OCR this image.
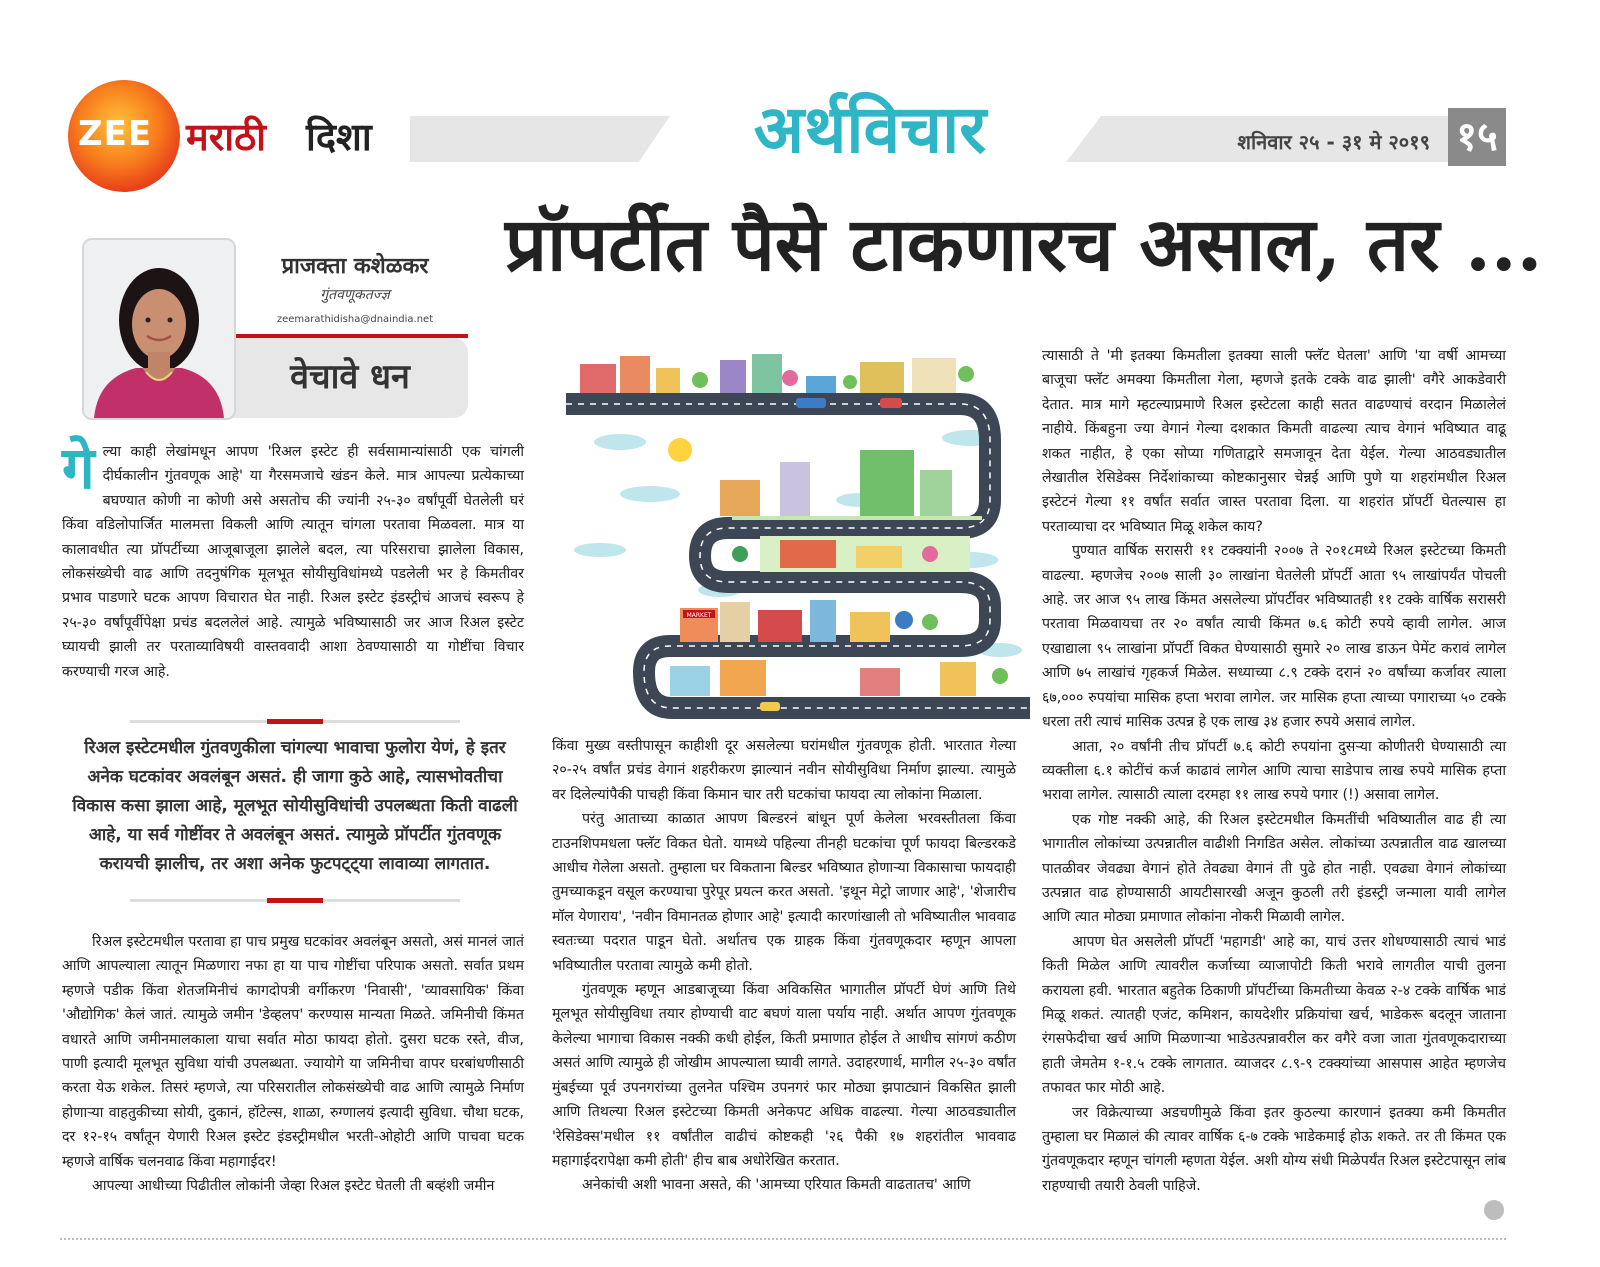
ZEE मराठी दिशा	अर्थविचार	शनिवार २५ - ३१ मे २०१९ १५
प्रॉपर्टीत पैसे टाकणारच असाल, तर ...
प्राजक्ता कशेळकर
गुंतवणूकतज्ज्ञ
zeemarathidisha@dnaindia.net
वेचावे धन
गे ल्या काही लेखांमधून आपण 'रिअल इस्टेट ही सर्वसामान्यांसाठी एक चांगली दीर्घकालीन गुंतवणूक आहे' या गैरसमजाचे खंडन केले. मात्र आपल्या प्रत्येकाच्या बघण्यात कोणी ना कोणी असे असतोच की ज्यांनी २५-३० वर्षांपूर्वी घेतलेली घरं किंवा वडिलोपार्जित मालमत्ता विकली आणि त्यातून चांगला परतावा मिळवला. मात्र या कालावधीत त्या प्रॉपर्टीच्या आजूबाजूला झालेले बदल, त्या परिसराचा झालेला विकास, लोकसंख्येची वाढ आणि तदनुषंगिक मूलभूत सोयीसुविधांमध्ये पडलेली भर हे किमतीवर प्रभाव पाडणारे घटक आपण विचारात घेत नाही. रिअल इस्टेट इंडस्ट्रीचं आजचं स्वरूप हे २५-३० वर्षांपूर्वीपेक्षा प्रचंड बदललेलं आहे. त्यामुळे भविष्यासाठी जर आज रिअल इस्टेट घ्यायची झाली तर परताव्याविषयी वास्तववादी आशा ठेवण्यासाठी या गोष्टींचा विचार करण्याची गरज आहे.

रिअल इस्टेटमधील गुंतवणुकीला चांगल्या भावाचा फुलोरा येणं, हे इतर अनेक घटकांवर अवलंबून असतं. ही जागा कुठे आहे, त्यासभोवतीचा विकास कसा झाला आहे, मूलभूत सोयीसुविधांची उपलब्धता किती वाढली आहे, या सर्व गोष्टींवर ते अवलंबून असतं. त्यामुळे प्रॉपर्टीत गुंतवणूक करायची झालीच, तर अशा अनेक फुटपट्ट्या लावाव्या लागतात.

रिअल इस्टेटमधील परतावा हा पाच प्रमुख घटकांवर अवलंबून असतो, असं मानलं जातं आणि आपल्याला त्यातून मिळणारा नफा हा या पाच गोष्टींचा परिपाक असतो. सर्वात प्रथम म्हणजे पडीक किंवा शेतजमिनीचं कागदोपत्री वर्गीकरण 'निवासी', 'व्यावसायिक' किंवा 'औद्योगिक' केलं जातं. त्यामुळे जमीन 'डेव्हलप' करण्यास मान्यता मिळते. जमिनीची किंमत वधारते आणि जमीनमालकाला याचा सर्वात मोठा फायदा होतो. दुसरा घटक रस्ते, वीज, पाणी इत्यादी मूलभूत सुविधा यांची उपलब्धता. ज्यायोगे या जमिनीचा वापर घरबांधणीसाठी करता येऊ शकेल. तिसरं म्हणजे, त्या परिसरातील लोकसंख्येची वाढ आणि त्यामुळे निर्माण होणाऱ्या वाहतुकीच्या सोयी, दुकानं, हॉटेल्स, शाळा, रुग्णालयं इत्यादी सुविधा. चौथा घटक, दर १२-१५ वर्षांतून येणारी रिअल इस्टेट इंडस्ट्रीमधील भरती-ओहोटी आणि पाचवा घटक म्हणजे वार्षिक चलनवाढ किंवा महागाईदर!

आपल्या आधीच्या पिढीतील लोकांनी जेव्हा रिअल इस्टेट घेतली ती बव्हंशी जमीन

MARKET

किंवा मुख्य वस्तीपासून काहीशी दूर असलेल्या घरांमधील गुंतवणूक होती. भारतात गेल्या २०-२५ वर्षांत प्रचंड वेगानं शहरीकरण झाल्यानं नवीन सोयीसुविधा निर्माण झाल्या. त्यामुळे वर दिलेल्यांपैकी पाचही किंवा किमान चार तरी घटकांचा फायदा त्या लोकांना मिळाला.

परंतु आताच्या काळात आपण बिल्डरनं बांधून पूर्ण केलेला भरवस्तीतला किंवा टाउनशिपमधला फ्लॅट विकत घेतो. यामध्ये पहिल्या तीनही घटकांचा पूर्ण फायदा बिल्डरकडे आधीच गेलेला असतो. तुम्हाला घर विकताना बिल्डर भविष्यात होणाऱ्या विकासाचा फायदाही तुमच्याकडून वसूल करण्याचा पुरेपूर प्रयत्न करत असतो. 'इथून मेट्रो जाणार आहे', 'शेजारीच मॉल येणाराय', 'नवीन विमानतळ होणार आहे' इत्यादी कारणांखाली तो भविष्यातील भाववाढ स्वतःच्या पदरात पाडून घेतो. अर्थातच एक ग्राहक किंवा गुंतवणूकदार म्हणून आपला भविष्यातील परतावा त्यामुळे कमी होतो.

गुंतवणूक म्हणून आडबाजूच्या किंवा अविकसित भागातील प्रॉपर्टी घेणं आणि तिथे मूलभूत सोयीसुविधा तयार होण्याची वाट बघणं याला पर्याय नाही. अर्थात आपण गुंतवणूक केलेल्या भागाचा विकास नक्की कधी होईल, किती प्रमाणात होईल ते आधीच सांगणं कठीण असतं आणि त्यामुळे ही जोखीम आपल्याला घ्यावी लागते. उदाहरणार्थ, मागील २५-३० वर्षांत मुंबईच्या पूर्व उपनगरांच्या तुलनेत पश्चिम उपनगरं फार मोठ्या झपाट्यानं विकसित झाली आणि तिथल्या रिअल इस्टेटच्या किमती अनेकपट अधिक वाढल्या. गेल्या आठवड्यातील 'रेसिडेक्स'मधील ११ वर्षांतील वाढीचं कोष्टकही '२६ पैकी १७ शहरांतील भाववाढ महागाईदरापेक्षा कमी होती' हीच बाब अधोरेखित करतात.

अनेकांची अशी भावना असते, की 'आमच्या एरियात किमती वाढतातच' आणि

त्यासाठी ते 'मी इतक्या किमतीला इतक्या साली फ्लॅट घेतला' आणि 'या वर्षी आमच्या बाजूचा फ्लॅट अमक्या किमतीला गेला, म्हणजे इतके टक्के वाढ झाली' वगैरे आकडेवारी देतात. मात्र मागे म्हटल्याप्रमाणे रिअल इस्टेटला काही सतत वाढण्याचं वरदान मिळालेलं नाहीये. किंबहुना ज्या वेगानं गेल्या दशकात किमती वाढल्या त्याच वेगानं भविष्यात वाढू शकत नाहीत, हे एका सोप्या गणिताद्वारे समजावून देता येईल. गेल्या आठवड्यातील लेखातील रेसिडेक्स निर्देशांकाच्या कोष्टकानुसार चेन्नई आणि पुणे या शहरांमधील रिअल इस्टेटनं गेल्या ११ वर्षांत सर्वात जास्त परतावा दिला. या शहरांत प्रॉपर्टी घेतल्यास हा परताव्याचा दर भविष्यात मिळू शकेल काय?

पुण्यात वार्षिक सरासरी ११ टक्क्यांनी २००७ ते २०१८मध्ये रिअल इस्टेटच्या किमती वाढल्या. म्हणजेच २००७ साली ३० लाखांना घेतलेली प्रॉपर्टी आता ९५ लाखांपर्यंत पोचली आहे. जर आज ९५ लाख किंमत असलेल्या प्रॉपर्टीवर भविष्यातही ११ टक्के वार्षिक सरासरी परतावा मिळवायचा तर २० वर्षांत त्याची किंमत ७.६ कोटी रुपये व्हावी लागेल. आज एखाद्याला ९५ लाखांना प्रॉपर्टी विकत घेण्यासाठी सुमारे २० लाख डाऊन पेमेंट करावं लागेल आणि ७५ लाखांचं गृहकर्ज मिळेल. सध्याच्या ८.९ टक्के दरानं २० वर्षांच्या कर्जावर त्याला ६७,००० रुपयांचा मासिक हप्ता भरावा लागेल. जर मासिक हप्ता त्याच्या पगाराच्या ५० टक्के धरला तरी त्याचं मासिक उत्पन्न हे एक लाख ३४ हजार रुपये असावं लागेल.

आता, २० वर्षांनी तीच प्रॉपर्टी ७.६ कोटी रुपयांना दुसऱ्या कोणीतरी घेण्यासाठी त्या व्यक्तीला ६.१ कोटींचं कर्ज काढावं लागेल आणि त्याचा साडेपाच लाख रुपये मासिक हप्ता भरावा लागेल. त्यासाठी त्याला दरमहा ११ लाख रुपये पगार (!) असावा लागेल.

एक गोष्ट नक्की आहे, की रिअल इस्टेटमधील किमतींची भविष्यातील वाढ ही त्या भागातील लोकांच्या उत्पन्नातील वाढीशी निगडित असेल. लोकांच्या उत्पन्नातील वाढ खालच्या पातळीवर जेवढ्या वेगानं होते तेवढ्या वेगानं ती पुढे होत नाही. एवढ्या वेगानं लोकांच्या उत्पन्नात वाढ होण्यासाठी आयटीसारखी अजून कुठली तरी इंडस्ट्री जन्माला यावी लागेल आणि त्यात मोठ्या प्रमाणात लोकांना नोकरी मिळावी लागेल.

आपण घेत असलेली प्रॉपर्टी 'महागडी' आहे का, याचं उत्तर शोधण्यासाठी त्याचं भाडं किती मिळेल आणि त्यावरील कर्जाच्या व्याजापोटी किती भरावे लागतील याची तुलना करायला हवी. भारतात बहुतेक ठिकाणी प्रॉपर्टीच्या किमतीच्या केवळ २-४ टक्के वार्षिक भाडं मिळू शकतं. त्यातही एजंट, कमिशन, कायदेशीर प्रक्रियांचा खर्च, भाडेकरू बदलून जाताना रंगसफेदीचा खर्च आणि मिळणाऱ्या भाडेउत्पन्नावरील कर वगैरे वजा जाता गुंतवणूकदाराच्या हाती जेमतेम १-१.५ टक्के लागतात. व्याजदर ८.९-९ टक्क्यांच्या आसपास आहेत म्हणजेच तफावत फार मोठी आहे.

जर विक्रेत्याच्या अडचणीमुळे किंवा इतर कुठल्या कारणानं इतक्या कमी किमतीत तुम्हाला घर मिळालं की त्यावर वार्षिक ६-७ टक्के भाडेकमाई होऊ शकते. तर ती किंमत एक गुंतवणूकदार म्हणून चांगली म्हणता येईल. अशी योग्य संधी मिळेपर्यंत रिअल इस्टेटपासून लांब राहण्याची तयारी ठेवली पाहिजे.
